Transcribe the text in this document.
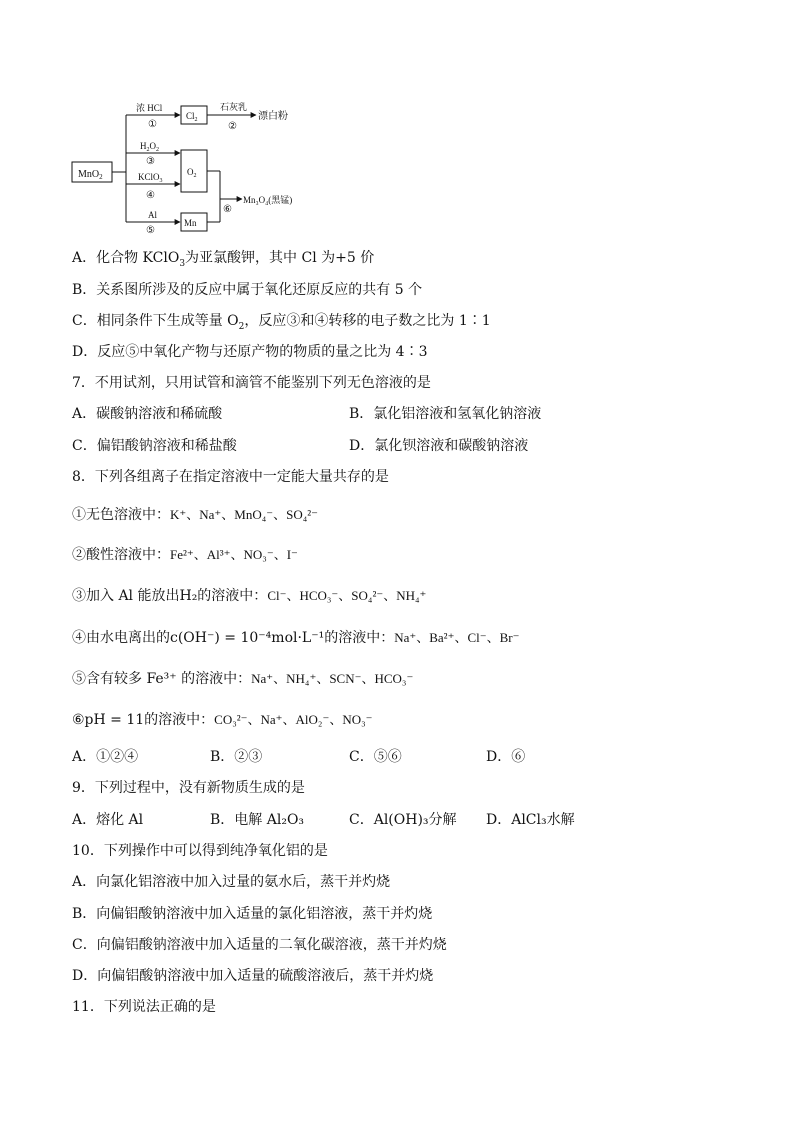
MnO$_2$
浓 HCl
①
$Cl_2$
石灰乳
②
漂白粉
$O_2$
$H_2O_2$
③
KClO$_3$
④
Al
⑤
Mn
⑥
Mn₃O₄(黑锰)
A．化合物 KClO$_3$为亚氯酸钾，其中 Cl 为+5 价
B．关系图所涉及的反应中属于氧化还原反应的共有 5 个
C．相同条件下生成等量 $O_2$，反应③和④转移的电子数之比为 1∶1
D．反应⑤中氧化产物与还原产物的物质的量之比为 4∶3
7．不用试剂，只用试管和滴管不能鉴别下列无色溶液的是
A．碳酸钠溶液和稀硫酸	B．氯化铝溶液和氢氧化钠溶液
C．偏铝酸钠溶液和稀盐酸	D．氯化钡溶液和碳酸钠溶液
8．下列各组离子在指定溶液中一定能大量共存的是
①无色溶液中：K⁺、Na⁺、MnO₄⁻、SO₄²⁻
②酸性溶液中：Fe²⁺、Al³⁺、NO₃⁻、I⁻
③加入 Al 能放出H₂的溶液中：Cl⁻、HCO₃⁻、SO₄²⁻、NH₄⁺
④由水电离出的c(OH⁻) = 10⁻⁴mol·L⁻¹的溶液中：Na⁺、Ba²⁺、Cl⁻、Br⁻
⑤含有较多 Fe³⁺ 的溶液中：Na⁺、NH₄⁺、SCN⁻、HCO₃⁻
⑥pH = 11的溶液中：CO₃²⁻、Na⁺、AlO₂⁻、NO₃⁻
A．①②④	B．②③	C．⑤⑥	D．⑥
9．下列过程中，没有新物质生成的是
A．熔化 Al	B．电解 Al₂O₃	C．Al(OH)₃分解 D．AlCl₃水解
10．下列操作中可以得到纯净氧化铝的是
A．向氯化铝溶液中加入过量的氨水后，蒸干并灼烧
B．向偏铝酸钠溶液中加入适量的氯化铝溶液，蒸干并灼烧
C．向偏铝酸钠溶液中加入适量的二氧化碳溶液，蒸干并灼烧
D．向偏铝酸钠溶液中加入适量的硫酸溶液后，蒸干并灼烧
11．下列说法正确的是
